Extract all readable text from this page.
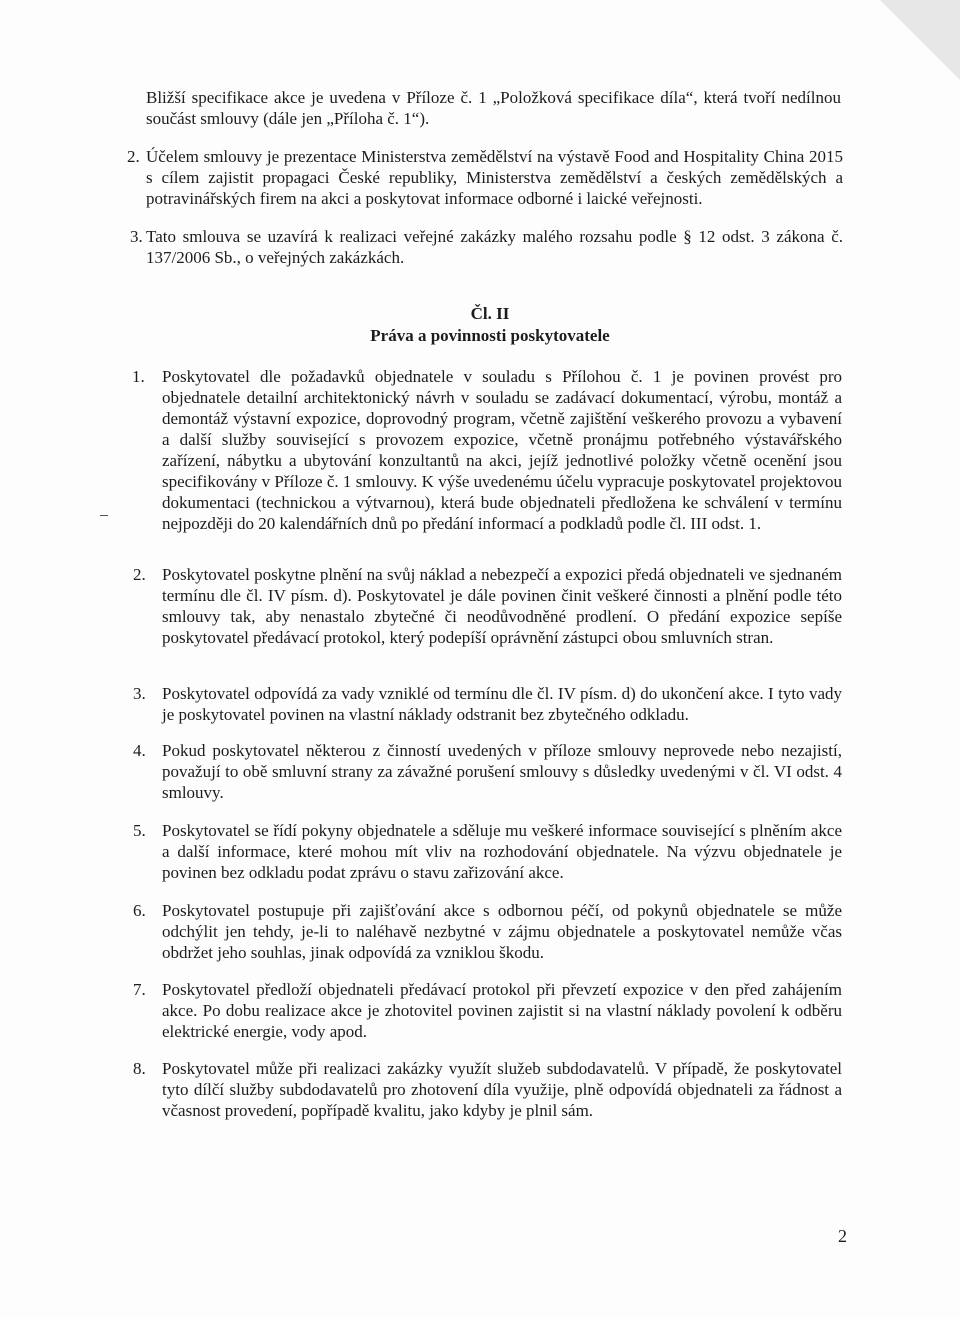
Bližší specifikace akce je uvedena v Příloze č. 1 „Položková specifikace díla“, která tvoří nedílnou součást smlouvy (dále jen „Příloha č. 1“).
2. Účelem smlouvy je prezentace Ministerstva zemědělství na výstavě Food and Hospitality China 2015 s cílem zajistit propagaci České republiky, Ministerstva zemědělství a českých zemědělských a potravinářských firem na akci a poskytovat informace odborné i laické veřejnosti.
3. Tato smlouva se uzavírá k realizaci veřejné zakázky malého rozsahu podle § 12 odst. 3 zákona č. 137/2006 Sb., o veřejných zakázkách.
Čl. II
Práva a povinnosti poskytovatele
1. Poskytovatel dle požadavků objednatele v souladu s Přílohou č. 1 je povinen provést pro objednatele detailní architektonický návrh v souladu se zadávací dokumentací, výrobu, montáž a demontáž výstavní expozice, doprovodný program, včetně zajištění veškerého provozu a vybavení a další služby související s provozem expozice, včetně pronájmu potřebného výstavářského zařízení, nábytku a ubytování konzultantů na akci, jejíž jednotlivé položky včetně ocenění jsou specifikovány v Příloze č. 1 smlouvy. K výše uvedenému účelu vypracuje poskytovatel projektovou dokumentaci (technickou a výtvarnou), která bude objednateli předložena ke schválení v termínu nejpozději do 20 kalendářních dnů po předání informací a podkladů podle čl. III odst. 1.
2. Poskytovatel poskytne plnění na svůj náklad a nebezpečí a expozici předá objednateli ve sjednaném termínu dle čl. IV písm. d). Poskytovatel je dále povinen činit veškeré činnosti a plnění podle této smlouvy tak, aby nenastalo zbytečné či neodůvodněné prodlení. O předání expozice sepíše poskytovatel předávací protokol, který podepíší oprávnění zástupci obou smluvních stran.
3. Poskytovatel odpovídá za vady vzniklé od termínu dle čl. IV písm. d) do ukončení akce. I tyto vady je poskytovatel povinen na vlastní náklady odstranit bez zbytečného odkladu.
4. Pokud poskytovatel některou z činností uvedených v příloze smlouvy neprovede nebo nezajistí, považují to obě smluvní strany za závažné porušení smlouvy s důsledky uvedenými v čl. VI odst. 4 smlouvy.
5. Poskytovatel se řídí pokyny objednatele a sděluje mu veškeré informace související s plněním akce a další informace, které mohou mít vliv na rozhodování objednatele. Na výzvu objednatele je povinen bez odkladu podat zprávu o stavu zařizování akce.
6. Poskytovatel postupuje při zajišťování akce s odbornou péčí, od pokynů objednatele se může odchýlit jen tehdy, je-li to naléhavě nezbytné v zájmu objednatele a poskytovatel nemůže včas obdržet jeho souhlas, jinak odpovídá za vzniklou škodu.
7. Poskytovatel předloží objednateli předávací protokol při převzetí expozice v den před zahájením akce. Po dobu realizace akce je zhotovitel povinen zajistit si na vlastní náklady povolení k odběru elektrické energie, vody apod.
8. Poskytovatel může při realizaci zakázky využít služeb subdodavatelů. V případě, že poskytovatel tyto dílčí služby subdodavatelů pro zhotovení díla využije, plně odpovídá objednateli za řádnost a včasnost provedení, popřípadě kvalitu, jako kdyby je plnil sám.
2
